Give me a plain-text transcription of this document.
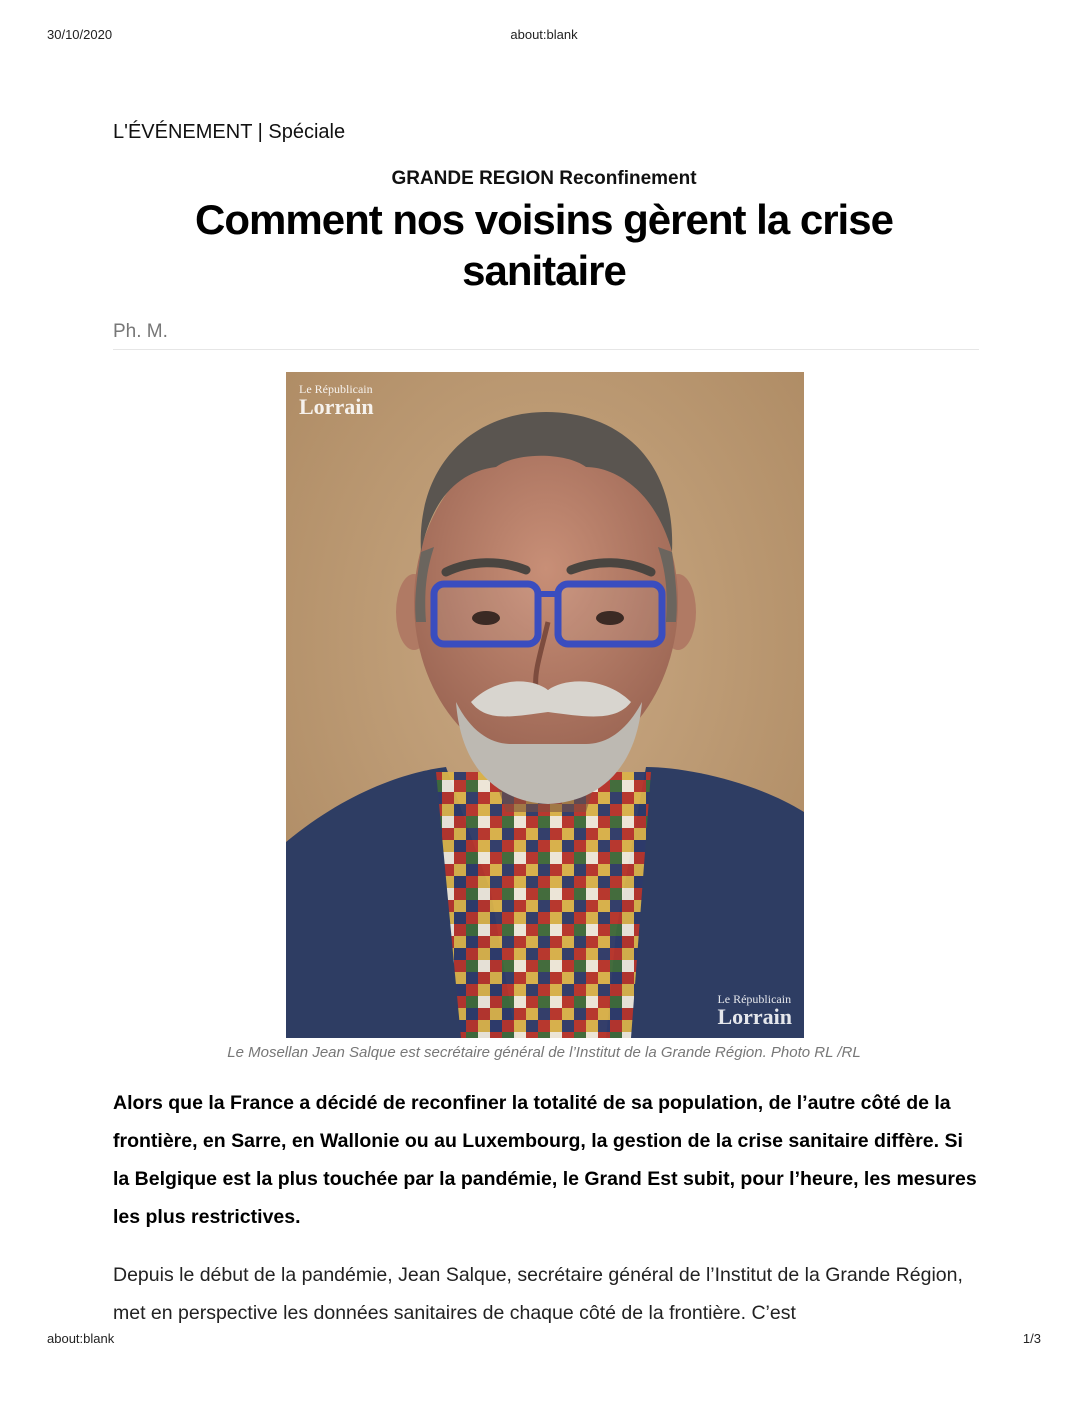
30/10/2020	about:blank
L'ÉVÉNEMENT | Spéciale
GRANDE REGION Reconfinement
Comment nos voisins gèrent la crise sanitaire
Ph. M.
Le Républicain
Lorrain
Le Républicain
Lorrain
Le Mosellan Jean Salque est secrétaire général de l’Institut de la Grande Région. Photo RL /RL

Alors que la France a décidé de reconfiner la totalité de sa population, de l’autre côté de la frontière, en Sarre, en Wallonie ou au Luxembourg, la gestion de la crise sanitaire diffère. Si la Belgique est la plus touchée par la pandémie, le Grand Est subit, pour l’heure, les mesures les plus restrictives.

Depuis le début de la pandémie, Jean Salque, secrétaire général de l’Institut de la Grande Région, met en perspective les données sanitaires de chaque côté de la frontière. C’est

about:blank	1/3
